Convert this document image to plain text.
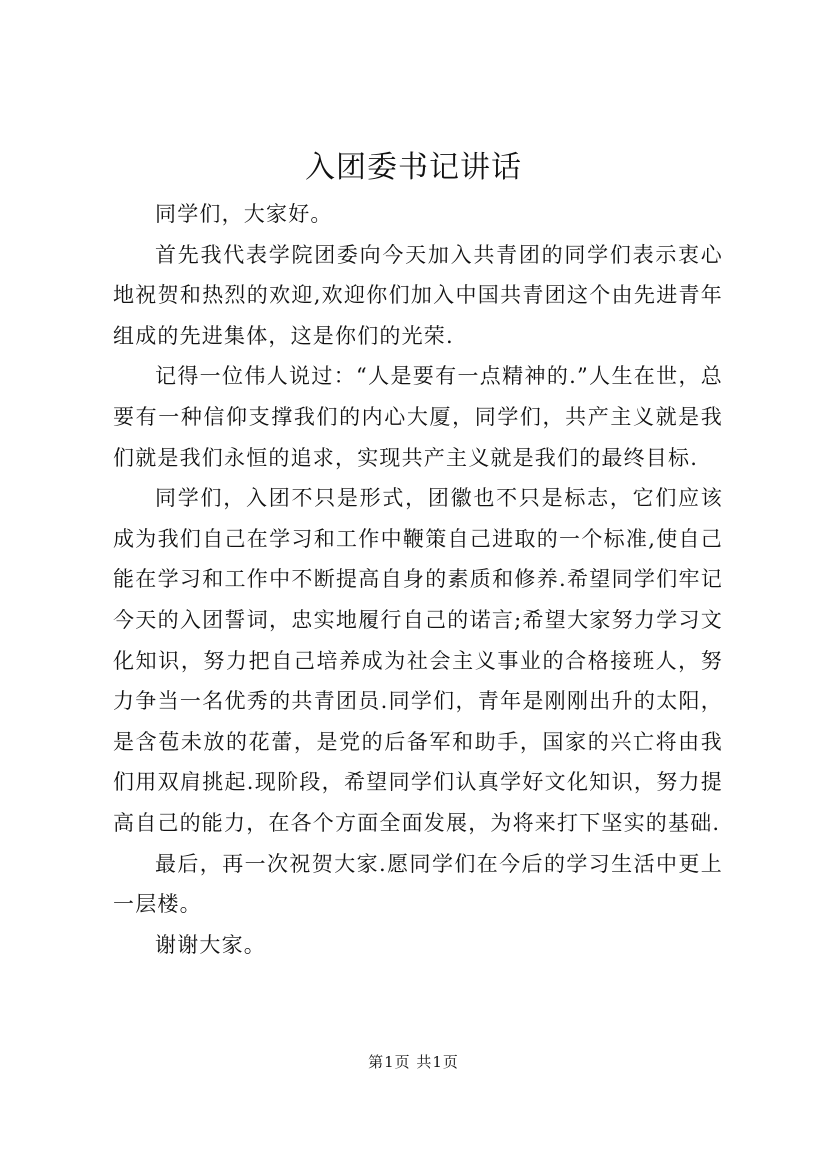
入团委书记讲话

同学们，大家好。

首先我代表学院团委向今天加入共青团的同学们表示衷心地祝贺和热烈的欢迎,欢迎你们加入中国共青团这个由先进青年组成的先进集体，这是你们的光荣.

记得一位伟人说过：“人是要有一点精神的.”人生在世，总要有一种信仰支撑我们的内心大厦，同学们，共产主义就是我们就是我们永恒的追求，实现共产主义就是我们的最终目标.

同学们，入团不只是形式，团徽也不只是标志，它们应该成为我们自己在学习和工作中鞭策自己进取的一个标准,使自己能在学习和工作中不断提高自身的素质和修养.希望同学们牢记今天的入团誓词，忠实地履行自己的诺言;希望大家努力学习文化知识，努力把自己培养成为社会主义事业的合格接班人，努力争当一名优秀的共青团员.同学们，青年是刚刚出升的太阳，是含苞未放的花蕾，是党的后备军和助手，国家的兴亡将由我们用双肩挑起.现阶段，希望同学们认真学好文化知识，努力提高自己的能力，在各个方面全面发展，为将来打下坚实的基础.

最后，再一次祝贺大家.愿同学们在今后的学习生活中更上一层楼。

谢谢大家。

第1页 共1页
